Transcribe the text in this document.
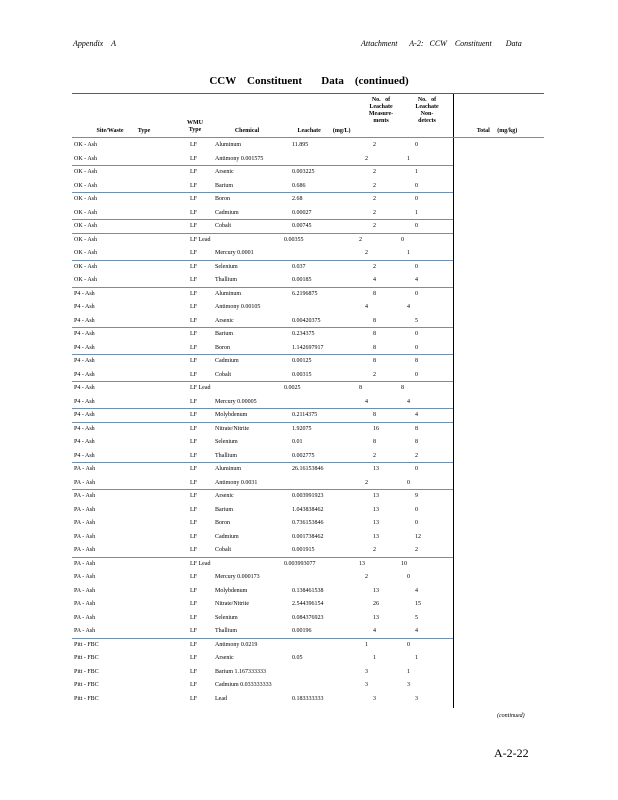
Appendix    A	Attachment      A-2:   CCW    Constituent       Data
CCW    Constituent       Data    (continued)
Site/Waste	Type
WMU
Type	Chemical	Leachate        (mg/L)
No.   of
Leachate
Measure-
ments
No.   of
Leachate
Non-
detects
Total     (mg/kg)
OK - Ash	LF	Aluminum	11.895	2	0
OK - Ash	LF	Antimony 0.001575	2	1
OK - Ash	LF	Arsenic	0.003225	2	1
OK - Ash	LF	Barium	0.686	2	0
OK - Ash	LF	Boron	2.68	2	0
OK - Ash	LF	Cadmium	0.00027	2	1
OK - Ash	LF	Cobalt	0.00745	2	0
OK - Ash	LF Lead	0.00355	2	0
OK - Ash	LF	Mercury 0.0001	2	1
OK - Ash	LF	Selenium	0.037	2	0
OK - Ash	LF	Thallium	0.00185	4	4
P4 - Ash	LF	Aluminum	6.2196875	8	0
P4 - Ash	LF	Antimony 0.00105	4	4
P4 - Ash	LF	Arsenic	0.00420375	8	5
P4 - Ash	LF	Barium	0.234375	8	0
P4 - Ash	LF	Boron	1.142697917	8	0
P4 - Ash	LF	Cadmium	0.00125	8	8
P4 - Ash	LF	Cobalt	0.00315	2	0
P4 - Ash	LF Lead	0.0025	8	8
P4 - Ash	LF	Mercury 0.00005	4	4
P4 - Ash	LF	Molybdenum	0.2114375	8	4
P4 - Ash	LF	Nitrate/Nitrite	1.92075	16	8
P4 - Ash	LF	Selenium	0.01	8	8
P4 - Ash	LF	Thallium	0.002775	2	2
PA - Ash	LF	Aluminum	26.16153846	13	0
PA - Ash	LF	Antimony 0.0031	2	0
PA - Ash	LF	Arsenic	0.003991923	13	9
PA - Ash	LF	Barium	1.043838462	13	0
PA - Ash	LF	Boron	0.736153846	13	0
PA - Ash	LF	Cadmium	0.001738462	13	12
PA - Ash	LF	Cobalt	0.001915	2	2
PA - Ash	LF Lead	0.003993077	13	10
PA - Ash	LF	Mercury 0.000173	2	0
PA - Ash	LF	Molybdenum	0.138461538	13	4
PA - Ash	LF	Nitrate/Nitrite	2.544396154	26	15
PA - Ash	LF	Selenium	0.084376923	13	5
PA - Ash	LF	Thallium	0.00196	4	4
Pitt - FBC	LF	Antimony 0.0219	1	0
Pitt - FBC	LF	Arsenic	0.05	1	1
Pitt - FBC	LF	Barium 1.167333333	3	1
Pitt - FBC	LF	Cadmium 0.033333333	3	3
Pitt - FBC	LF	Lead	0.183333333	3	3
(continued)
A-2-22
